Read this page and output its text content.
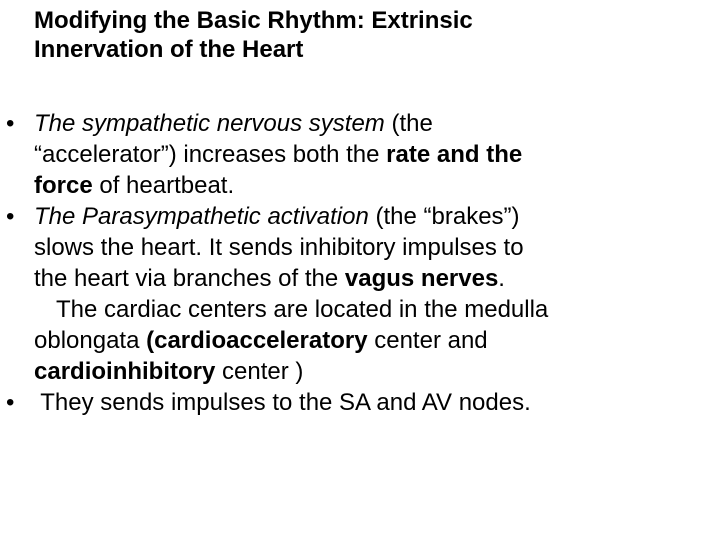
Modifying the Basic Rhythm: Extrinsic
Innervation of the Heart
• The sympathetic nervous system (the
“accelerator”) increases both the rate and the
force of heartbeat.
• The Parasympathetic activation (the “brakes”)
slows the heart. It sends inhibitory impulses to
the heart via branches of the vagus nerves.
The cardiac centers are located in the medulla
oblongata (cardioacceleratory center and
cardioinhibitory center )
• They sends impulses to the SA and AV nodes.
